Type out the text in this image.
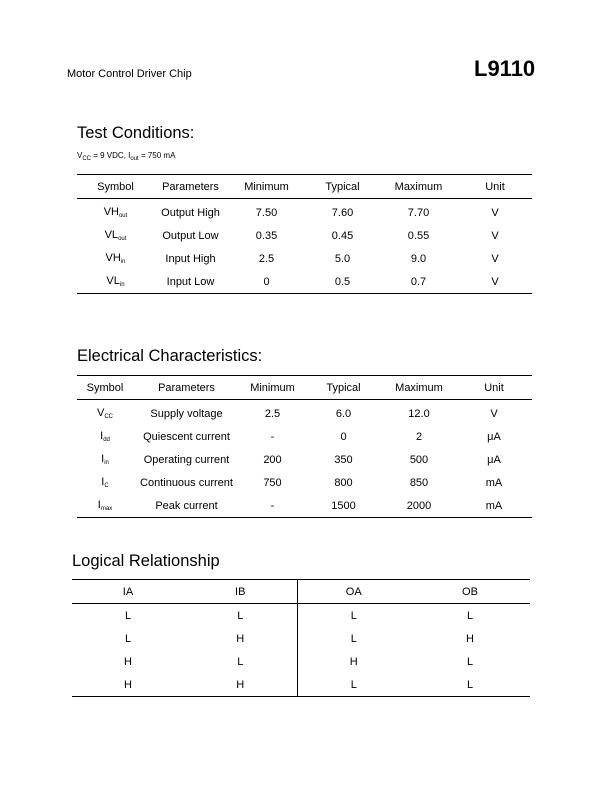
Motor Control Driver Chip	L9110
Test Conditions:
$V_{CC} = 9$ VDC, $I_{out} = 750$ mA
Symbol	Parameters	Minimum	Typical	Maximum	Unit
$VH_{out}$	Output High	7.50	7.60	7.70	V
$VL_{out}$	Output Low	0.35	0.45	0.55	V
$VH_{in}$	Input High	2.5	5.0	9.0	V
$VL_{in}$	Input Low	0	0.5	0.7	V
Electrical Characteristics:
Symbol	Parameters	Minimum	Typical	Maximum	Unit
$V_{CC}$	Supply voltage	2.5	6.0	12.0	V
$I_{dd}$	Quiescent current	-	0	2	μA
$I_{in}$	Operating current	200	350	500	μA
$I_C$	Continuous current	750	800	850	mA
$I_{max}$	Peak current	-	1500	2000	mA
Logical Relationship
IA	IB	OA	OB
L	L	L	L
L	H	L	H
H	L	H	L
H	H	L	L
